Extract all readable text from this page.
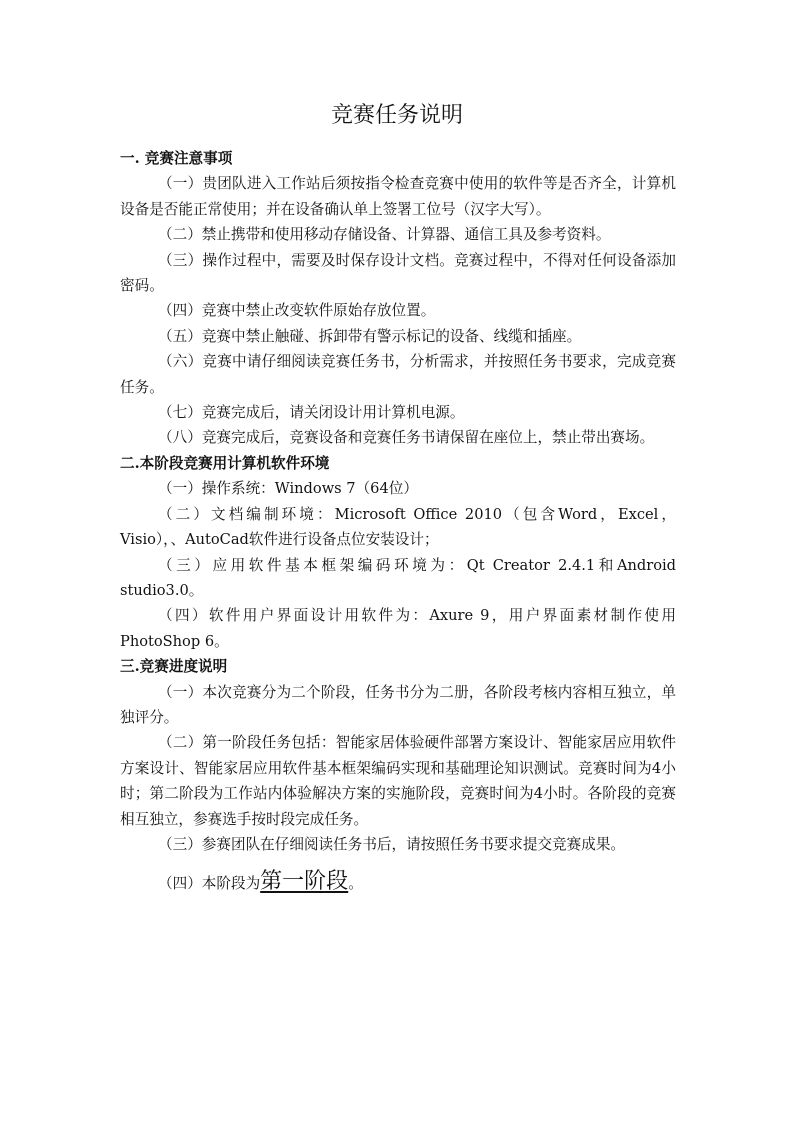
竞赛任务说明

一. 竞赛注意事项

（一）贵团队进入工作站后须按指令检查竞赛中使用的软件等是否齐全，计算机设备是否能正常使用；并在设备确认单上签署工位号（汉字大写）。

（二）禁止携带和使用移动存储设备、计算器、通信工具及参考资料。

（三）操作过程中，需要及时保存设计文档。竞赛过程中，不得对任何设备添加密码。

（四）竞赛中禁止改变软件原始存放位置。

（五）竞赛中禁止触碰、拆卸带有警示标记的设备、线缆和插座。

（六）竞赛中请仔细阅读竞赛任务书，分析需求，并按照任务书要求，完成竞赛任务。

（七）竞赛完成后，请关闭设计用计算机电源。

（八）竞赛完成后，竞赛设备和竞赛任务书请保留在座位上，禁止带出赛场。

二.本阶段竞赛用计算机软件环境

（一）操作系统：Windows 7（64位）

（二）文档编制环境：Microsoft Office 2010（包含Word，Excel，Visio），、AutoCad软件进行设备点位安装设计；

（三）应用软件基本框架编码环境为：Qt Creator 2.4.1和Android studio3.0。

（四）软件用户界面设计用软件为：Axure 9，用户界面素材制作使用PhotoShop 6。

三.竞赛进度说明

（一）本次竞赛分为二个阶段，任务书分为二册，各阶段考核内容相互独立，单独评分。

（二）第一阶段任务包括：智能家居体验硬件部署方案设计、智能家居应用软件方案设计、智能家居应用软件基本框架编码实现和基础理论知识测试。竞赛时间为4小时；第二阶段为工作站内体验解决方案的实施阶段，竞赛时间为4小时。各阶段的竞赛相互独立，参赛选手按时段完成任务。

（三）参赛团队在仔细阅读任务书后，请按照任务书要求提交竞赛成果。

（四）本阶段为第一阶段。
